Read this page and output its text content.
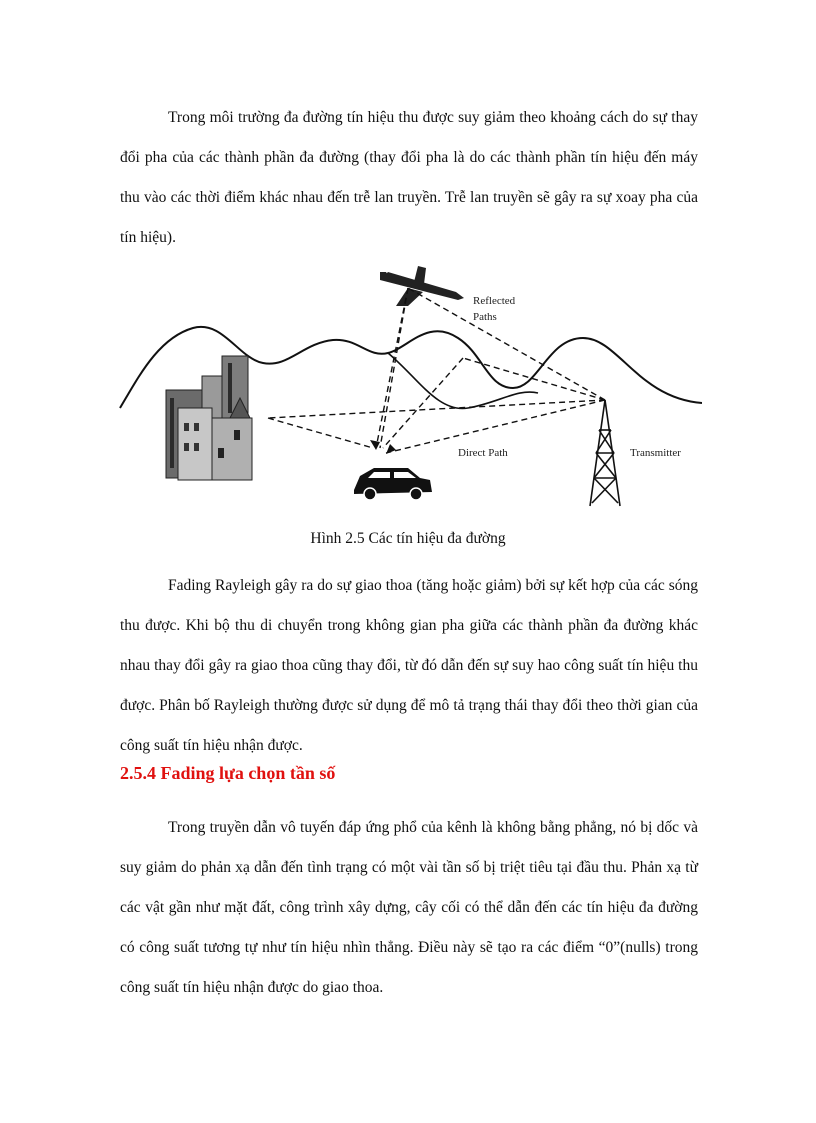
Trong môi trường đa đường tín hiệu thu được suy giảm theo khoảng cách do sự thay đổi pha của các thành phần đa đường (thay đổi pha là do các thành phần tín hiệu đến máy thu vào các thời điểm khác nhau đến trễ lan truyền. Trễ lan truyền sẽ gây ra sự xoay pha của tín hiệu).

Reflected
Paths
Direct Path	Transmitter
Hình 2.5 Các tín hiệu đa đường

Fading Rayleigh gây ra do sự giao thoa (tăng hoặc giảm) bởi sự kết hợp của các sóng thu được. Khi bộ thu di chuyển trong không gian pha giữa các thành phần đa đường khác nhau thay đổi gây ra giao thoa cũng thay đổi, từ đó dẫn đến sự suy hao công suất tín hiệu thu được. Phân bố Rayleigh thường được sử dụng để mô tả trạng thái thay đổi theo thời gian của công suất tín hiệu nhận được.

2.5.4 Fading lựa chọn tần số

Trong truyền dẫn vô tuyến đáp ứng phổ của kênh là không bằng phẳng, nó bị dốc và suy giảm do phản xạ dẫn đến tình trạng có một vài tần số bị triệt tiêu tại đầu thu. Phản xạ từ các vật gần như mặt đất, công trình xây dựng, cây cối có thể dẫn đến các tín hiệu đa đường có công suất tương tự như tín hiệu nhìn thẳng. Điều này sẽ tạo ra các điểm “0”(nulls) trong công suất tín hiệu nhận được do giao thoa.
